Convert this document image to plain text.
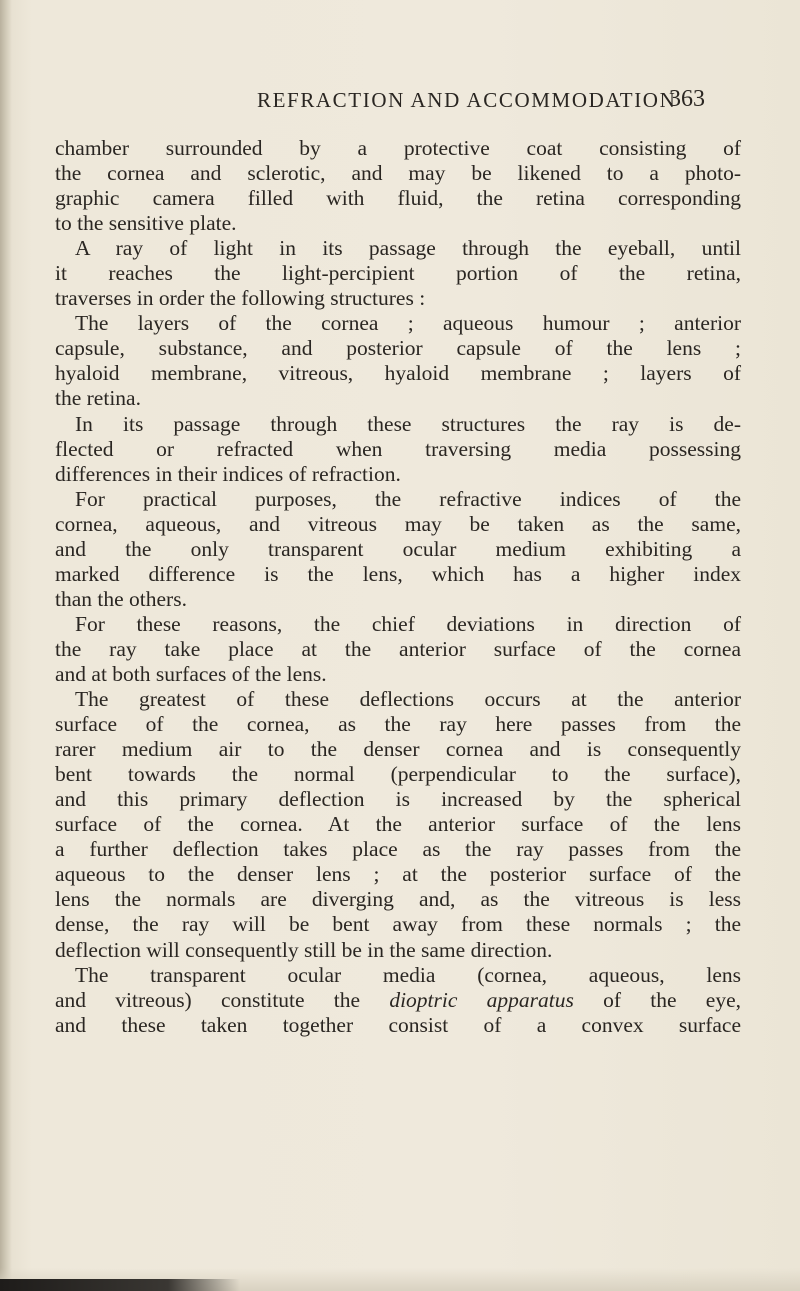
REFRACTION AND ACCOMMODATION
363
chamber surrounded by a protective coat consisting of
the cornea and sclerotic, and may be likened to a photo-
graphic camera filled with fluid, the retina corresponding
to the sensitive plate.
A ray of light in its passage through the eyeball, until
it reaches the light-percipient portion of the retina,
traverses in order the following structures :
The layers of the cornea ; aqueous humour ; anterior
capsule, substance, and posterior capsule of the lens ;
hyaloid membrane, vitreous, hyaloid membrane ; layers of
the retina.
In its passage through these structures the ray is de-
flected or refracted when traversing media possessing
differences in their indices of refraction.
For practical purposes, the refractive indices of the
cornea, aqueous, and vitreous may be taken as the same,
and the only transparent ocular medium exhibiting a
marked difference is the lens, which has a higher index
than the others.
For these reasons, the chief deviations in direction of
the ray take place at the anterior surface of the cornea
and at both surfaces of the lens.
The greatest of these deflections occurs at the anterior
surface of the cornea, as the ray here passes from the
rarer medium air to the denser cornea and is consequently
bent towards the normal (perpendicular to the surface),
and this primary deflection is increased by the spherical
surface of the cornea. At the anterior surface of the lens
a further deflection takes place as the ray passes from the
aqueous to the denser lens ; at the posterior surface of the
lens the normals are diverging and, as the vitreous is less
dense, the ray will be bent away from these normals ; the
deflection will consequently still be in the same direction.
The transparent ocular media (cornea, aqueous, lens
and vitreous) constitute the dioptric apparatus of the eye,
and these taken together consist of a convex surface
